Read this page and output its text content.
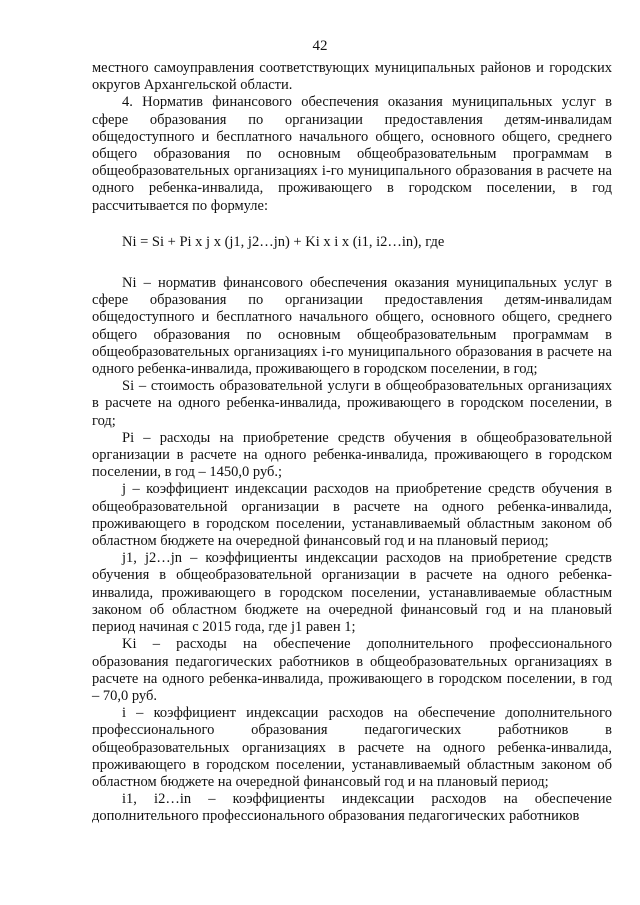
42

местного самоуправления соответствующих муниципальных районов и городских округов Архангельской области.

4. Норматив финансового обеспечения оказания муниципальных услуг в сфере образования по организации предоставления детям-инвалидам общедоступного и бесплатного начального общего, основного общего, среднего общего образования по основным общеобразовательным программам в общеобразовательных организациях i-го муниципального образования в расчете на одного ребенка-инвалида, проживающего в городском поселении, в год рассчитывается по формуле:

Ni = Si + Pi x j x (j1, j2…jn) + Ki x i x (i1, i2…in), где

Ni – норматив финансового обеспечения оказания муниципальных услуг в сфере образования по организации предоставления детям-инвалидам общедоступного и бесплатного начального общего, основного общего, среднего общего образования по основным общеобразовательным программам в общеобразовательных организациях i-го муниципального образования в расчете на одного ребенка-инвалида, проживающего в городском поселении, в год;

Si – стоимость образовательной услуги в общеобразовательных организациях в расчете на одного ребенка-инвалида, проживающего в городском поселении, в год;

Pi – расходы на приобретение средств обучения в общеобразовательной организации в расчете на одного ребенка-инвалида, проживающего в городском поселении, в год – 1450,0 руб.;

j – коэффициент индексации расходов на приобретение средств обучения в общеобразовательной организации в расчете на одного ребенка-инвалида, проживающего в городском поселении, устанавливаемый областным законом об областном бюджете на очередной финансовый год и на плановый период;

j1, j2…jn – коэффициенты индексации расходов на приобретение средств обучения в общеобразовательной организации в расчете на одного ребенка-инвалида, проживающего в городском поселении, устанавливаемые областным законом об областном бюджете на очередной финансовый год и на плановый период начиная с 2015 года, где j1 равен 1;

Ki – расходы на обеспечение дополнительного профессионального образования педагогических работников в общеобразовательных организациях в расчете на одного ребенка-инвалида, проживающего в городском поселении, в год – 70,0 руб.

i – коэффициент индексации расходов на обеспечение дополнительного профессионального образования педагогических работников в общеобразовательных организациях в расчете на одного ребенка-инвалида, проживающего в городском поселении, устанавливаемый областным законом об областном бюджете на очередной финансовый год и на плановый период;

i1, i2…in – коэффициенты индексации расходов на обеспечение дополнительного профессионального образования педагогических работников
